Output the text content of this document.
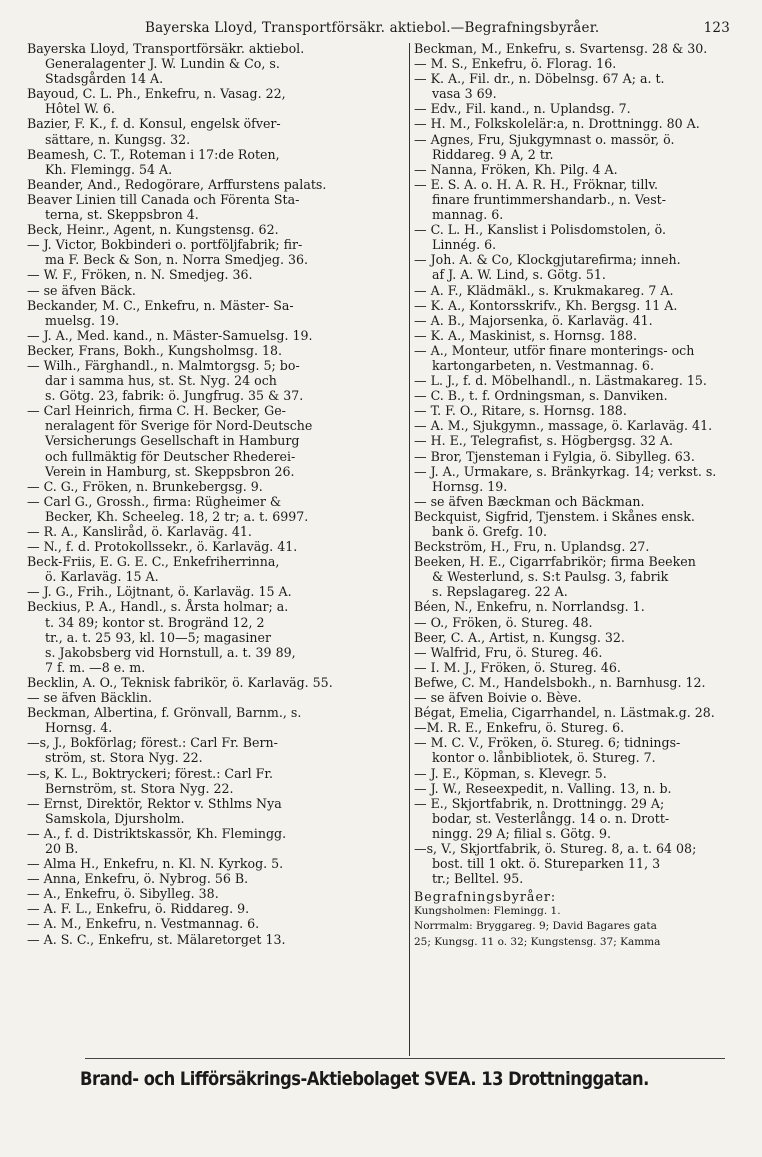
Bayerska Lloyd, Transportförsäkr. aktiebol.—Begrafningsbyråer.	123
Bayerska Lloyd, Transportförsäkr. aktiebol.
Generalagenter J. W. Lundin & Co, s.
Stadsgården 14 A.
Bayoud, C. L. Ph., Enkefru, n. Vasag. 22,
Hôtel W. 6.
Bazier, F. K., f. d. Konsul, engelsk öfver-
sättare, n. Kungsg. 32.
Beamesh, C. T., Roteman i 17:de Roten,
Kh. Flemingg. 54 A.
Beander, And., Redogörare, Arffurstens palats.
Beaver Linien till Canada och Förenta Sta-
terna, st. Skeppsbron 4.
Beck, Heinr., Agent, n. Kungstensg. 62.
— J. Victor, Bokbinderi o. portföljfabrik; fir-
ma F. Beck & Son, n. Norra Smedjeg. 36.
— W. F., Fröken, n. N. Smedjeg. 36.
— se äfven Bäck.
Beckander, M. C., Enkefru, n. Mäster- Sa-
muelsg. 19.
— J. A., Med. kand., n. Mäster-Samuelsg. 19.
Becker, Frans, Bokh., Kungsholmsg. 18.
— Wilh., Färghandl., n. Malmtorgsg. 5; bo-
dar i samma hus, st. St. Nyg. 24 och
s. Götg. 23, fabrik: ö. Jungfrug. 35 & 37.
— Carl Heinrich, firma C. H. Becker, Ge-
neralagent för Sverige för Nord-Deutsche
Versicherungs Gesellschaft in Hamburg
och fullmäktig för Deutscher Rhederei-
Verein in Hamburg, st. Skeppsbron 26.
— C. G., Fröken, n. Brunkebergsg. 9.
— Carl G., Grossh., firma: Rügheimer &
Becker, Kh. Scheeleg. 18, 2 tr; a. t. 6997.
— R. A., Kansliråd, ö. Karlaväg. 41.
— N., f. d. Protokollssekr., ö. Karlaväg. 41.
Beck-Friis, E. G. E. C., Enkefriherrinna,
ö. Karlaväg. 15 A.
— J. G., Frih., Löjtnant, ö. Karlaväg. 15 A.
Beckius, P. A., Handl., s. Årsta holmar; a.
t. 34 89; kontor st. Brogränd 12, 2
tr., a. t. 25 93, kl. 10—5; magasiner
s. Jakobsberg vid Hornstull, a. t. 39 89,
7 f. m. —8 e. m.
Becklin, A. O., Teknisk fabrikör, ö. Karlaväg. 55.
— se äfven Bäcklin.
Beckman, Albertina, f. Grönvall, Barnm., s.
Hornsg. 4.
—s, J., Bokförlag; förest.: Carl Fr. Bern-
ström, st. Stora Nyg. 22.
—s, K. L., Boktryckeri; förest.: Carl Fr.
Bernström, st. Stora Nyg. 22.
— Ernst, Direktör, Rektor v. Sthlms Nya
Samskola, Djursholm.
— A., f. d. Distriktskassör, Kh. Flemingg.
20 B.
— Alma H., Enkefru, n. Kl. N. Kyrkog. 5.
— Anna, Enkefru, ö. Nybrog. 56 B.
— A., Enkefru, ö. Sibylleg. 38.
— A. F. L., Enkefru, ö. Riddareg. 9.
— A. M., Enkefru, n. Vestmannag. 6.
— A. S. C., Enkefru, st. Mälaretorget 13.
Beckman, M., Enkefru, s. Svartensg. 28 & 30.
— M. S., Enkefru, ö. Florag. 16.
— K. A., Fil. dr., n. Döbelnsg. 67 A; a. t.
vasa 3 69.
— Edv., Fil. kand., n. Uplandsg. 7.
— H. M., Folkskolelär:a, n. Drottningg. 80 A.
— Agnes, Fru, Sjukgymnast o. massör, ö.
Riddareg. 9 A, 2 tr.
— Nanna, Fröken, Kh. Pilg. 4 A.
— E. S. A. o. H. A. R. H., Fröknar, tillv.
finare fruntimmershandarb., n. Vest-
mannag. 6.
— C. L. H., Kanslist i Polisdomstolen, ö.
Linnég. 6.
— Joh. A. & Co, Klockgjutarefirma; inneh.
af J. A. W. Lind, s. Götg. 51.
— A. F., Klädmäkl., s. Krukmakareg. 7 A.
— K. A., Kontorsskrifv., Kh. Bergsg. 11 A.
— A. B., Majorsenka, ö. Karlaväg. 41.
— K. A., Maskinist, s. Hornsg. 188.
— A., Monteur, utför finare monterings- och
kartongarbeten, n. Vestmannag. 6.
— L. J., f. d. Möbelhandl., n. Lästmakareg. 15.
— C. B., t. f. Ordningsman, s. Danviken.
— T. F. O., Ritare, s. Hornsg. 188.
— A. M., Sjukgymn., massage, ö. Karlaväg. 41.
— H. E., Telegrafist, s. Högbergsg. 32 A.
— Bror, Tjensteman i Fylgia, ö. Sibylleg. 63.
— J. A., Urmakare, s. Bränkyrkag. 14; verkst. s.
Hornsg. 19.
— se äfven Bæckman och Bäckman.
Beckquist, Sigfrid, Tjenstem. i Skånes ensk.
bank ö. Grefg. 10.
Beckström, H., Fru, n. Uplandsg. 27.
Beeken, H. E., Cigarrfabrikör; firma Beeken
& Westerlund, s. S:t Paulsg. 3, fabrik
s. Repslagareg. 22 A.
Béen, N., Enkefru, n. Norrlandsg. 1.
— O., Fröken, ö. Stureg. 48.
Beer, C. A., Artist, n. Kungsg. 32.
— Walfrid, Fru, ö. Stureg. 46.
— I. M. J., Fröken, ö. Stureg. 46.
Befwe, C. M., Handelsbokh., n. Barnhusg. 12.
— se äfven Boivie o. Bève.
Bégat, Emelia, Cigarrhandel, n. Lästmak.g. 28.
—M. R. E., Enkefru, ö. Stureg. 6.
— M. C. V., Fröken, ö. Stureg. 6; tidnings-
kontor o. lånbibliotek, ö. Stureg. 7.
— J. E., Köpman, s. Klevegr. 5.
— J. W., Reseexpedit, n. Valling. 13, n. b.
— E., Skjortfabrik, n. Drottningg. 29 A;
bodar, st. Vesterlångg. 14 o. n. Drott-
ningg. 29 A; filial s. Götg. 9.
—s, V., Skjortfabrik, ö. Stureg. 8, a. t. 64 08;
bost. till 1 okt. ö. Stureparken 11, 3
tr.; Belltel. 95.
Begrafningsbyråer:
Kungsholmen: Flemingg. 1.
Norrmalm: Bryggareg. 9; David Bagares gata
25; Kungsg. 11 o. 32; Kungstensg. 37; Kamma
Brand- och Lifförsäkrings-Aktiebolaget SVEA. 13 Drottninggatan.
